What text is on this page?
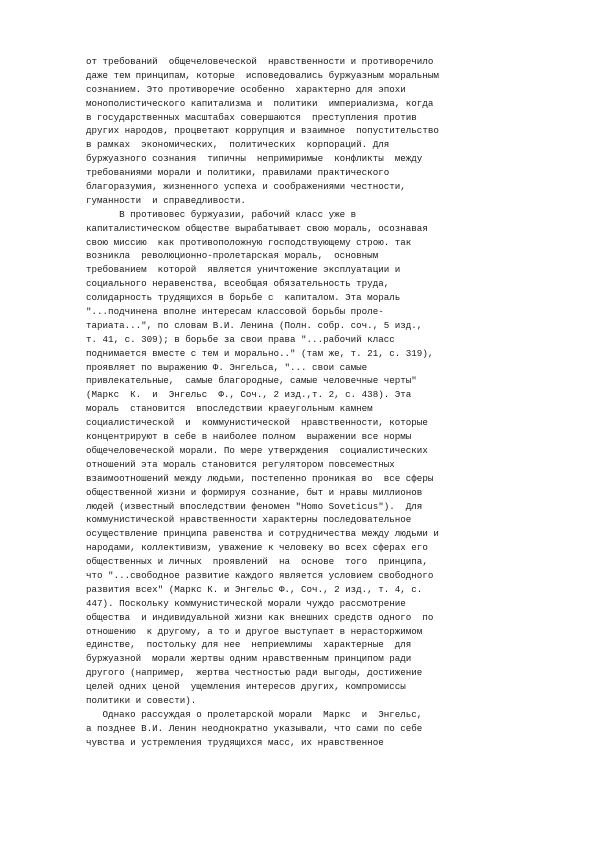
от требований  общечеловеческой  нравственности и противоречило
даже тем принципам, которые  исповедовались буржуазным моральным
сознанием. Это противоречие особенно  характерно для эпохи
монополистического капитализма и  политики  империализма, когда
в государственных масштабах совершаются  преступления против
других народов, процветают коррупция и взаимное  попустительство
в рамках  экономических,  политических  корпораций. Для
буржуазного сознания  типичны  непримиримые  конфликты  между
требованиями морали и политики, правилами практического
благоразумия, жизненного успеха и соображениями честности,
гуманности  и справедливости.
В противовес буржуазии, рабочий класс уже в
капиталистическом обществе вырабатывает свою мораль, осознавая
свою миссию  как противоположную господствующему строю. так
возникла  революционно-пролетарская мораль,  основным
требованием  которой  является уничтожение эксплуатации и
социального неравенства, всеобщая обязательность труда,
солидарность трудящихся в борьбе с  капиталом. Эта мораль
"...подчинена вполне интересам классовой борьбы проле-
тариата...", по словам В.И. Ленина (Полн. собр. соч., 5 изд.,
т. 41, с. 309); в борьбе за свои права "...рабочий класс
поднимается вместе с тем и морально.." (там же, т. 21, с. 319),
проявляет по выражению Ф. Энгельса, "... свои самые
привлекательные,  самые благородные, самые человечные черты"
(Маркс  К.  и  Энгельс  Ф., Соч., 2 изд.,т. 2, с. 438). Эта
мораль  становится  впоследствии краеугольным камнем
социалистической  и  коммунистической  нравственности, которые
концентрируют в себе в наиболее полном  выражении все нормы
общечеловеческой морали. По мере утверждения  социалистических
отношений эта мораль становится регулятором повсеместных
взаимоотношений между людьми, постепенно проникая во  все сферы
общественной жизни и формируя сознание, быт и нравы миллионов
людей (известный впоследствии феномен "Homo Soveticus").  Для
коммунистической нравственности характерны последовательное
осуществление принципа равенства и сотрудничества между людьми и
народами, коллективизм, уважение к человеку во всех сферах его
общественных и личных  проявлений  на  основе  того  принципа,
что "...свободное развитие каждого является условием свободного
развития всех" (Маркс К. и Энгельс Ф., Соч., 2 изд., т. 4, с.
447). Поскольку коммунистической морали чуждо рассмотрение
общества  и индивидуальной жизни как внешних средств одного  по
отношению  к другому, а то и другое выступает в нерасторжимом
единстве,  постольку для нее  неприемлимы  характерные  для
буржуазной  морали жертвы одним нравственным принципом ради
другого (например,  жертва честностью ради выгоды, достижение
целей одних ценой  ущемления интересов других, компромиссы
политики и совести).
Однако рассуждая о пролетарской морали  Маркс  и  Энгельс,
а позднее В.И. Ленин неоднократно указывали, что сами по себе
чувства и устремления трудящихся масс, их нравственное
